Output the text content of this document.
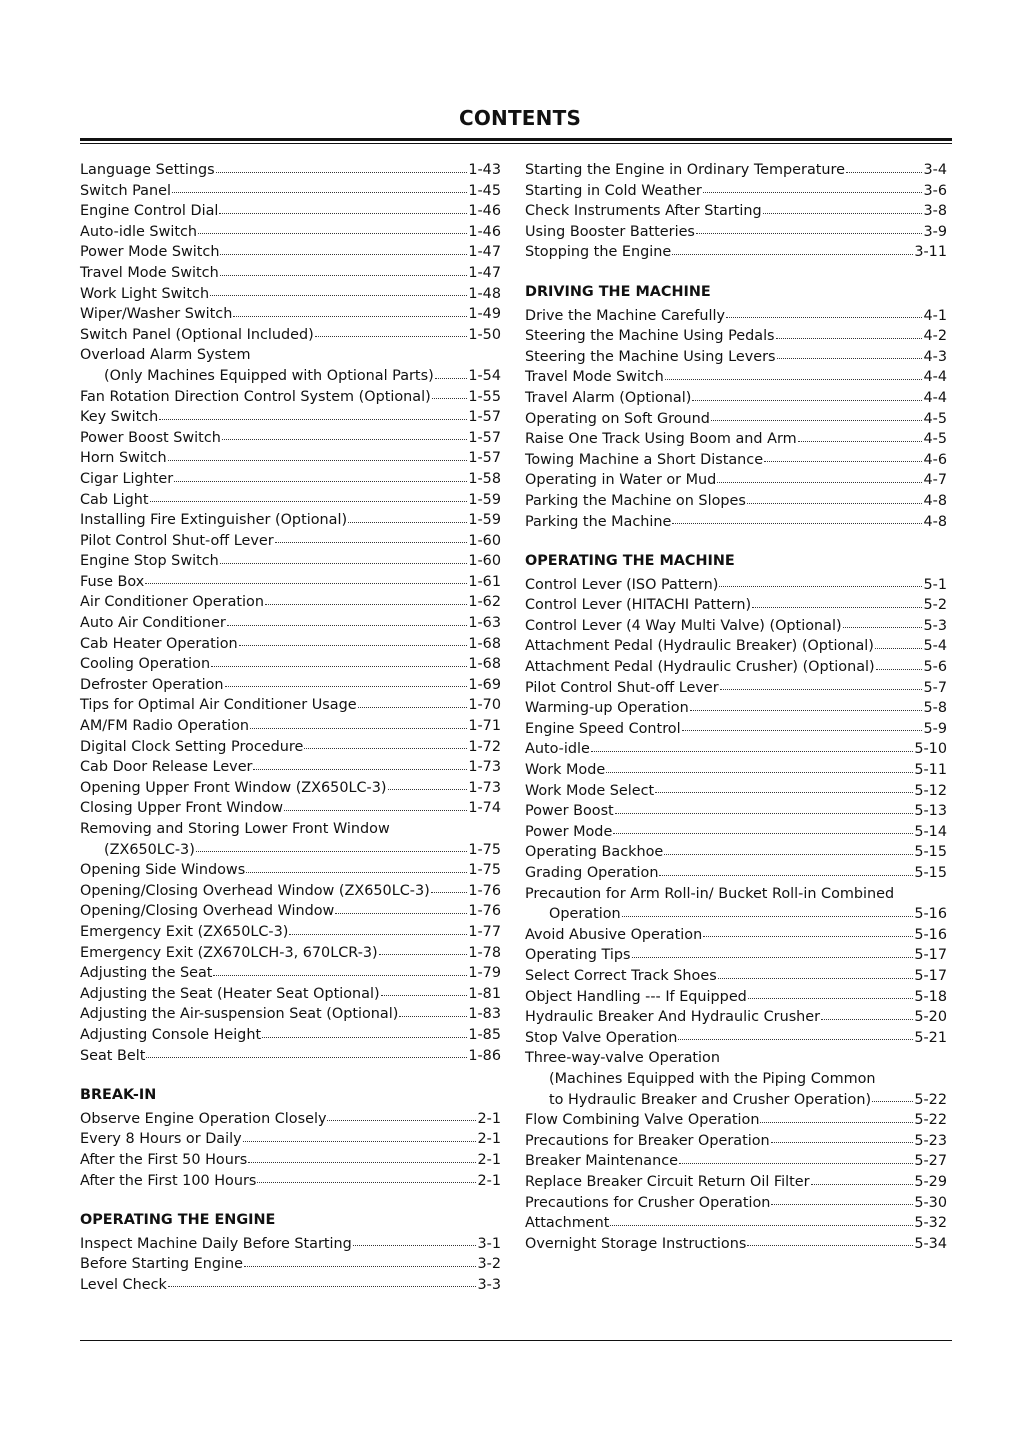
CONTENTS
Language Settings	1-43
Switch Panel	1-45
Engine Control Dial	1-46
Auto-idle Switch	1-46
Power Mode Switch	1-47
Travel Mode Switch	1-47
Work Light Switch	1-48
Wiper/Washer Switch	1-49
Switch Panel (Optional Included)	1-50
Overload Alarm System
(Only Machines Equipped with Optional Parts) 1-54
Fan Rotation Direction Control System (Optional)	1-55
Key Switch	1-57
Power Boost Switch	1-57
Horn Switch	1-57
Cigar Lighter	1-58
Cab Light	1-59
Installing Fire Extinguisher (Optional)	1-59
Pilot Control Shut-off Lever	1-60
Engine Stop Switch	1-60
Fuse Box	1-61
Air Conditioner Operation	1-62
Auto Air Conditioner	1-63
Cab Heater Operation	1-68
Cooling Operation	1-68
Defroster Operation	1-69
Tips for Optimal Air Conditioner Usage	1-70
AM/FM Radio Operation	1-71
Digital Clock Setting Procedure	1-72
Cab Door Release Lever	1-73
Opening Upper Front Window (ZX650LC-3)	1-73
Closing Upper Front Window	1-74
Removing and Storing Lower Front Window
(ZX650LC-3)	1-75
Opening Side Windows	1-75
Opening/Closing Overhead Window (ZX650LC-3)	1-76
Opening/Closing Overhead Window	1-76
Emergency Exit (ZX650LC-3)	1-77
Emergency Exit (ZX670LCH-3, 670LCR-3)	1-78
Adjusting the Seat	1-79
Adjusting the Seat (Heater Seat Optional)	1-81
Adjusting the Air-suspension Seat (Optional)	1-83
Adjusting Console Height	1-85
Seat Belt	1-86
BREAK-IN
Observe Engine Operation Closely	2-1
Every 8 Hours or Daily	2-1
After the First 50 Hours	2-1
After the First 100 Hours	2-1
OPERATING THE ENGINE
Inspect Machine Daily Before Starting	3-1
Before Starting Engine	3-2
Level Check	3-3
Starting the Engine in Ordinary Temperature	3-4
Starting in Cold Weather	3-6
Check Instruments After Starting	3-8
Using Booster Batteries	3-9
Stopping the Engine	3-11
DRIVING THE MACHINE
Drive the Machine Carefully	4-1
Steering the Machine Using Pedals	4-2
Steering the Machine Using Levers	4-3
Travel Mode Switch	4-4
Travel Alarm (Optional)	4-4
Operating on Soft Ground	4-5
Raise One Track Using Boom and Arm	4-5
Towing Machine a Short Distance	4-6
Operating in Water or Mud	4-7
Parking the Machine on Slopes	4-8
Parking the Machine	4-8
OPERATING THE MACHINE
Control Lever (ISO Pattern)	5-1
Control Lever (HITACHI Pattern)	5-2
Control Lever (4 Way Multi Valve) (Optional)	5-3
Attachment Pedal (Hydraulic Breaker) (Optional)	5-4
Attachment Pedal (Hydraulic Crusher) (Optional)	5-6
Pilot Control Shut-off Lever	5-7
Warming-up Operation	5-8
Engine Speed Control	5-9
Auto-idle	5-10
Work Mode	5-11
Work Mode Select	5-12
Power Boost	5-13
Power Mode	5-14
Operating Backhoe	5-15
Grading Operation	5-15
Precaution for Arm Roll-in/ Bucket Roll-in Combined
Operation	5-16
Avoid Abusive Operation	5-16
Operating Tips	5-17
Select Correct Track Shoes	5-17
Object Handling --- If Equipped	5-18
Hydraulic Breaker And Hydraulic Crusher	5-20
Stop Valve Operation	5-21
Three-way-valve Operation
(Machines Equipped with the Piping Common
to Hydraulic Breaker and Crusher Operation)	5-22
Flow Combining Valve Operation	5-22
Precautions for Breaker Operation	5-23
Breaker Maintenance	5-27
Replace Breaker Circuit Return Oil Filter	5-29
Precautions for Crusher Operation	5-30
Attachment	5-32
Overnight Storage Instructions	5-34
